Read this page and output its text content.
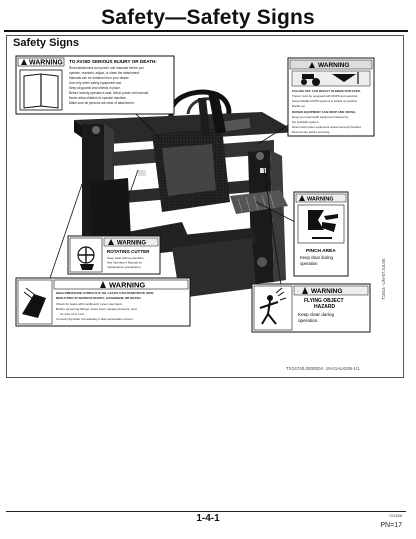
Safety—Safety Signs
Safety Signs
WARNING TO AVOID SERIOUS INJURY OR DEATH:
Read attachment and power unit manuals before you
operate, maintain, adjust, or clean the attachment.
Manuals can be obtained from your dealer.
Use only when safety equipment and
Keep all guards and shields in place.
Before leaving operator's seat, follow power unit manual.
Never allow children to operate machine.
Make sure all persons are clear of attachment.
WARNING
FALLING OFF CAN RESULT IN BEING RUN OVER.
Tractor must be equipped with ROPS and seat belt.
Keep foldable ROPS systems in locked up position.
Buckle up.
RAISED EQUIPMENT CAN DROP AND CRUSH.
Never go underneath equipment lowered by
the hydraulic system.
Never work under equipment unless securely blocked.
Remove key before servicing.
WARNING
PINCH AREA
Keep clear during
operation
WARNING
ROTATING CUTTER
Keep clear during operation.
See Operator's Manual for
maintenance precautions.
WARNING
HIGH-PRESSURE HYDRAULIC OIL LEAKS CAN PENETRATE SKIN
RESULTING IN SERIOUS INJURY, GANGRENE OR DEATH.
Check for leaks with cardboard; never use hand.
Before loosening fittings: lower load, release pressure, and
be sure oil is cool.
Consult physician immediately if skin penetration occurs.
WARNING
FLYING OBJECT
HAZARD
Keep clear during
operation.
TX14740,0000004 -19-01AUG05-1/1
T1814 -UN-07JUL05
1-4-1	021808
PN=17
